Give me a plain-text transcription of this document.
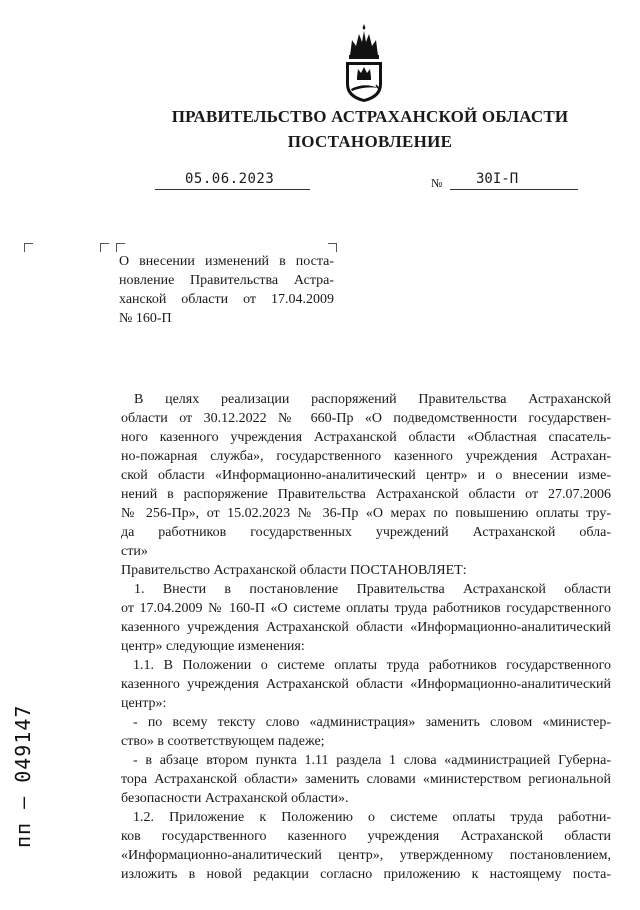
ПРАВИТЕЛЬСТВО АСТРАХАНСКОЙ ОБЛАСТИ
ПОСТАНОВЛЕНИЕ
05.06.2023	№ 30I-П
О внесении изменений в поста-
новление Правительства Астра-
ханской области от 17.04.2009
№ 160-П
В целях реализации распоряжений Правительства Астраханской
области от 30.12.2022 № 660-Пр «О подведомственности государствен-
ного казенного учреждения Астраханской области «Областная спасатель-
но-пожарная служба», государственного казенного учреждения Астрахан-
ской области «Информационно-аналитический центр» и о внесении изме-
нений в распоряжение Правительства Астраханской области от 27.07.2006
№ 256-Пр», от 15.02.2023 № 36-Пр «О мерах по повышению оплаты тру-
да работников государственных учреждений Астраханской обла-
сти»
Правительство Астраханской области ПОСТАНОВЛЯЕТ:
1. Внести в постановление Правительства Астраханской области
от 17.04.2009 № 160-П «О системе оплаты труда работников государственного
казенного учреждения Астраханской области «Информационно-аналитический
центр» следующие изменения:
1.1. В Положении о системе оплаты труда работников государственного
казенного учреждения Астраханской области «Информационно-аналитический
центр»:
- по всему тексту слово «администрация» заменить словом «министер-
ство» в соответствующем падеже;
- в абзаце втором пункта 1.11 раздела 1 слова «администрацией Губерна-
тора Астраханской области» заменить словами «министерством региональной
безопасности Астраханской области».
1.2. Приложение к Положению о системе оплаты труда работни-
ков государственного казенного учреждения Астраханской области
«Информационно-аналитический центр», утвержденному постановлением,
изложить в новой редакции согласно приложению к настоящему поста-
пп – 049147
